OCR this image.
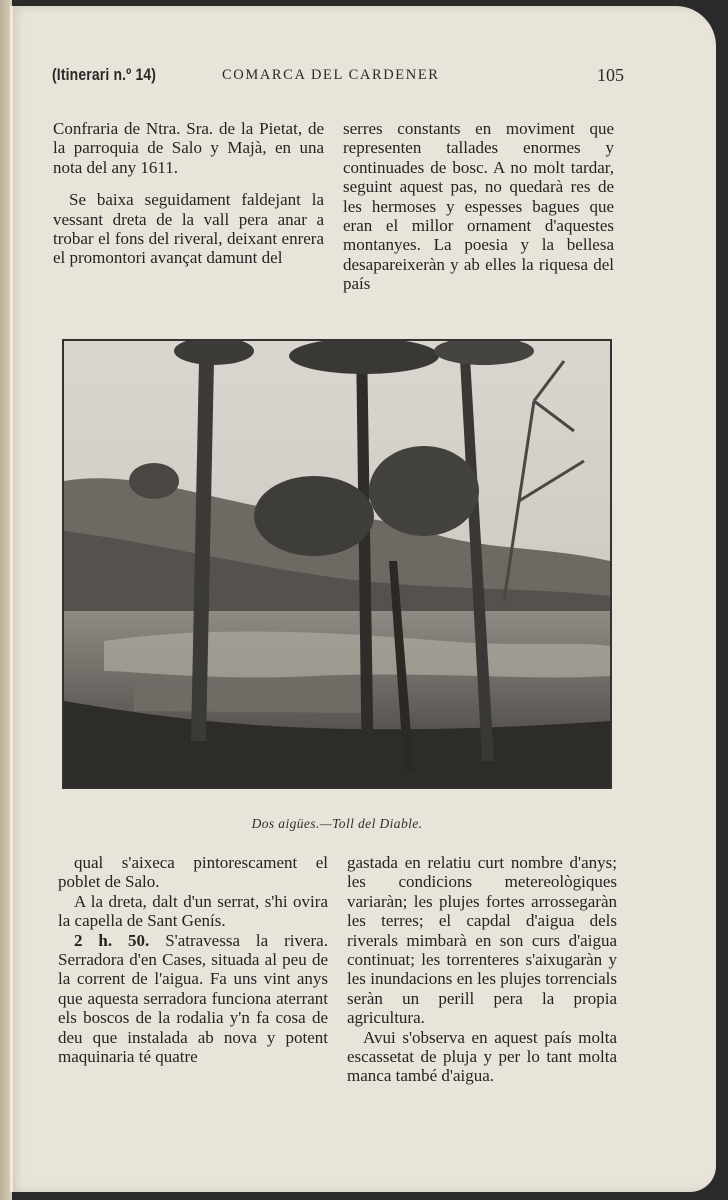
(Itinerari n.º 14)	COMARCA DEL CARDENER	105

Confraria de Ntra. Sra. de la Pietat, de la parroquia de Salo y Majà, en una nota del any 1611.

Se baixa seguidament faldejant la vessant dreta de la vall pera anar a trobar el fons del riveral, deixant enrera el promontori avançat damunt del

serres constants en moviment que representen tallades enormes y continuades de bosc. A no molt tardar, seguint aquest pas, no quedarà res de les hermoses y espesses bagues que eran el millor ornament d'aquestes montanyes. La poesia y la bellesa desapareixeràn y ab elles la riquesa del país

Dos aigües.—Toll del Diable.

qual s'aixeca pintorescament el poblet de Salo.

A la dreta, dalt d'un serrat, s'hi ovira la capella de Sant Genís.

2 h. 50. S'atravessa la rivera. Serradora d'en Cases, situada al peu de la corrent de l'aigua. Fa uns vint anys que aquesta serradora funciona aterrant els boscos de la rodalia y'n fa cosa de deu que instalada ab nova y potent maquinaria té quatre

gastada en relatiu curt nombre d'anys; les condicions metereològiques variaràn; les plujes fortes arrossegaràn les terres; el capdal d'aigua dels riverals mimbarà en son curs d'aigua continuat; les torrenteres s'aixugaràn y les inundacions en les plujes torrencials seràn un perill pera la propia agricultura.

Avui s'observa en aquest país molta escassetat de pluja y per lo tant molta manca també d'aigua.
